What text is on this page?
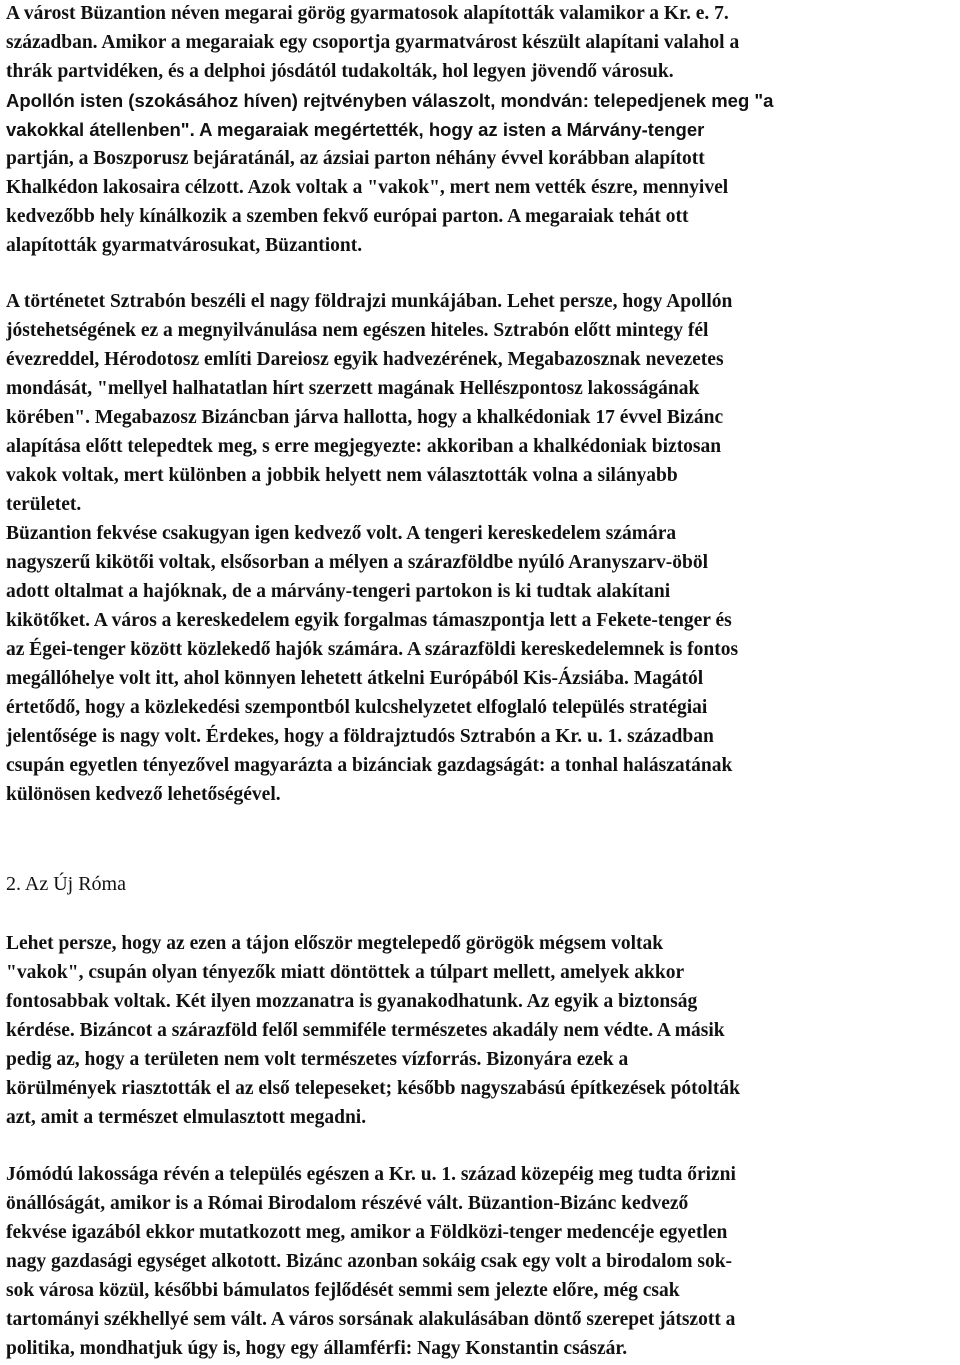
A várost Büzantion néven megarai görög gyarmatosok alapították valamikor a Kr. e. 7.
században. Amikor a megaraiak egy csoportja gyarmatvárost készült alapítani valahol a
thrák partvidéken, és a delphoi jósdától tudakolták, hol legyen jövendő városuk.
Apollón isten (szokásához híven) rejtvényben válaszolt, mondván: telepedjenek meg "a
vakokkal átellenben". A megaraiak megértették, hogy az isten a Márvány-tenger
partján, a Boszporusz bejáratánál, az ázsiai parton néhány évvel korábban alapított
Khalkédon lakosaira célzott. Azok voltak a "vakok", mert nem vették észre, mennyivel
kedvezőbb hely kínálkozik a szemben fekvő európai parton. A megaraiak tehát ott
alapították gyarmatvárosukat, Büzantiont.
A történetet Sztrabón beszéli el nagy földrajzi munkájában. Lehet persze, hogy Apollón
jóstehetségének ez a megnyilvánulása nem egészen hiteles. Sztrabón előtt mintegy fél
évezreddel, Hérodotosz említi Dareiosz egyik hadvezérének, Megabazosznak nevezetes
mondását, "mellyel halhatatlan hírt szerzett magának Hellészpontosz lakosságának
körében". Megabazosz Bizáncban járva hallotta, hogy a khalkédoniak 17 évvel Bizánc
alapítása előtt telepedtek meg, s erre megjegyezte: akkoriban a khalkédoniak biztosan
vakok voltak, mert különben a jobbik helyett nem választották volna a silányabb
területet.
Büzantion fekvése csakugyan igen kedvező volt. A tengeri kereskedelem számára
nagyszerű kikötői voltak, elsősorban a mélyen a szárazföldbe nyúló Aranyszarv-öböl
adott oltalmat a hajóknak, de a márvány-tengeri partokon is ki tudtak alakítani
kikötőket. A város a kereskedelem egyik forgalmas támaszpontja lett a Fekete-tenger és
az Égei-tenger között közlekedő hajók számára. A szárazföldi kereskedelemnek is fontos
megállóhelye volt itt, ahol könnyen lehetett átkelni Európából Kis-Ázsiába. Magától
értetődő, hogy a közlekedési szempontból kulcshelyzetet elfoglaló település stratégiai
jelentősége is nagy volt. Érdekes, hogy a földrajztudós Sztrabón a Kr. u. 1. században
csupán egyetlen tényezővel magyarázta a bizánciak gazdagságát: a tonhal halászatának
különösen kedvező lehetőségével.
2. Az Új Róma
Lehet persze, hogy az ezen a tájon először megtelepedő görögök mégsem voltak
"vakok", csupán olyan tényezők miatt döntöttek a túlpart mellett, amelyek akkor
fontosabbak voltak. Két ilyen mozzanatra is gyanakodhatunk. Az egyik a biztonság
kérdése. Bizáncot a szárazföld felől semmiféle természetes akadály nem védte. A másik
pedig az, hogy a területen nem volt természetes vízforrás. Bizonyára ezek a
körülmények riasztották el az első telepeseket; később nagyszabású építkezések pótolták
azt, amit a természet elmulasztott megadni.
Jómódú lakossága révén a település egészen a Kr. u. 1. század közepéig meg tudta őrizni
önállóságát, amikor is a Római Birodalom részévé vált. Büzantion-Bizánc kedvező
fekvése igazából ekkor mutatkozott meg, amikor a Földközi-tenger medencéje egyetlen
nagy gazdasági egységet alkotott. Bizánc azonban sokáig csak egy volt a birodalom sok-
sok városa közül, későbbi bámulatos fejlődését semmi sem jelezte előre, még csak
tartományi székhellyé sem vált. A város sorsának alakulásában döntő szerepet játszott a
politika, mondhatjuk úgy is, hogy egy államférfi: Nagy Konstantin császár.
